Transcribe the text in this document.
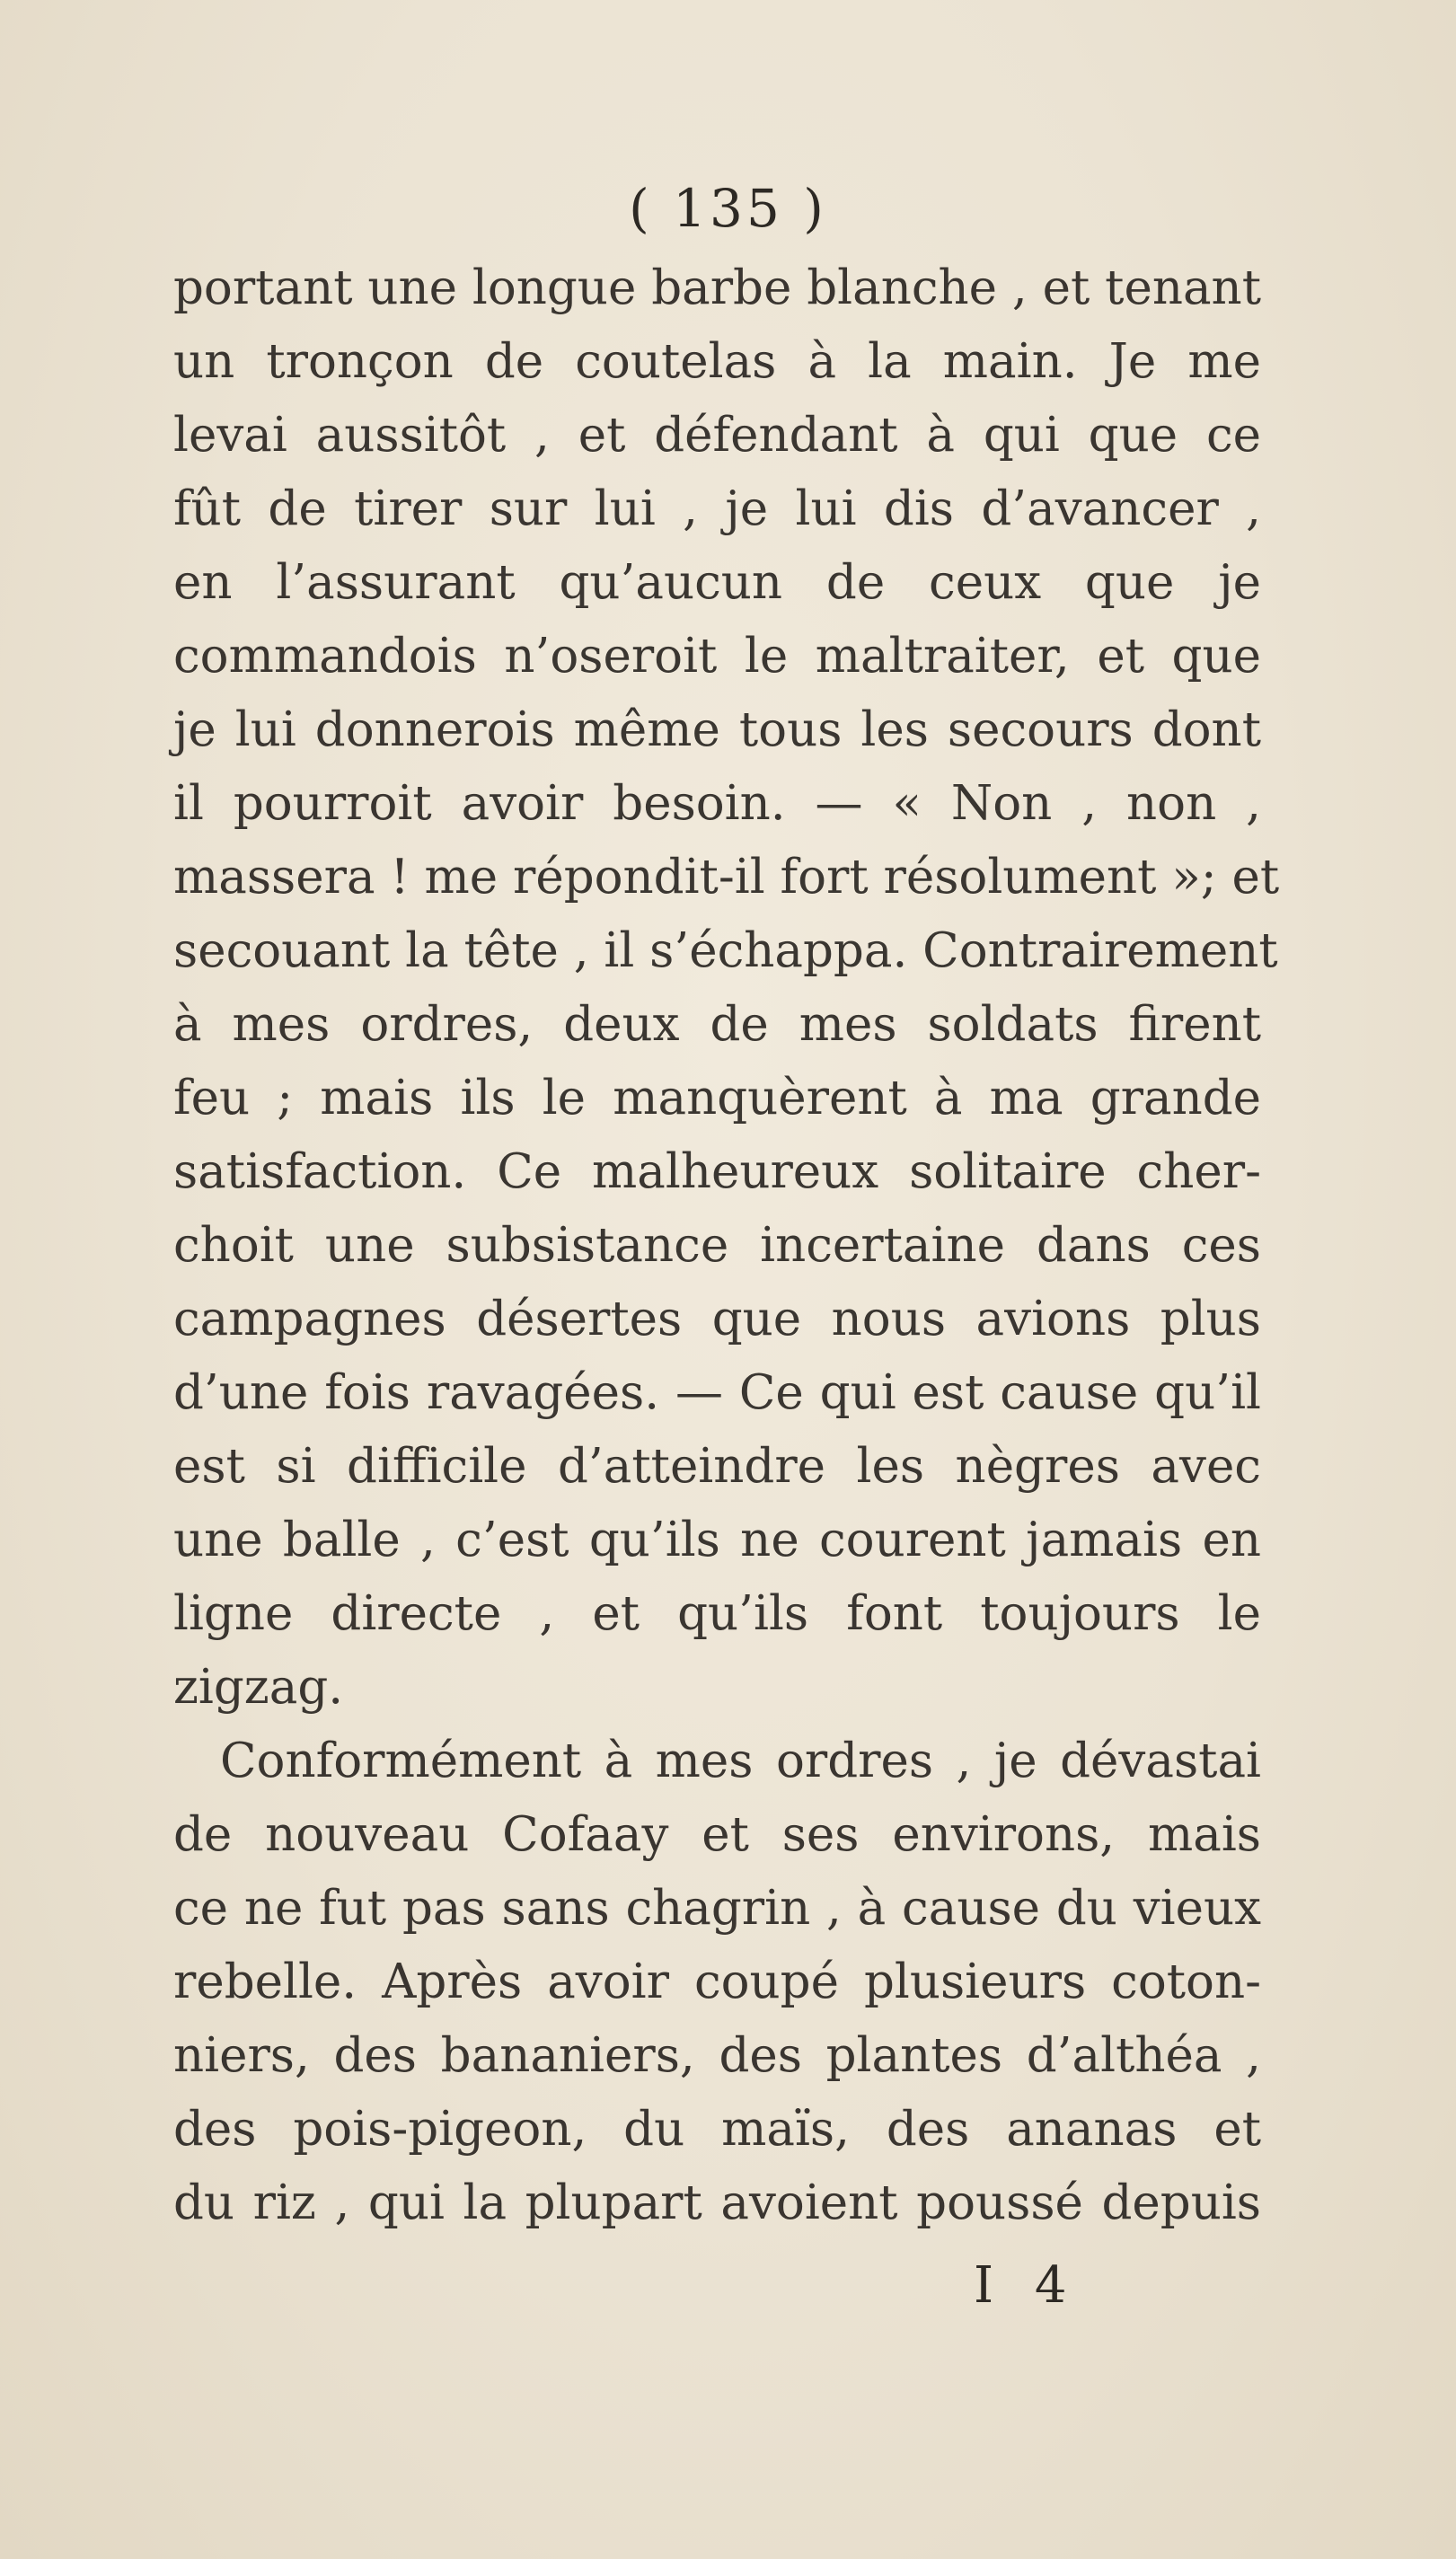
( 135 )
portant une longue barbe blanche , et tenant
un tronçon de coutelas à la main. Je me
levai aussitôt , et défendant à qui que ce
fût de tirer sur lui , je lui dis d’avancer ,
en l’assurant qu’aucun de ceux que je
commandois n’oseroit le maltraiter, et que
je lui donnerois même tous les secours dont
il pourroit avoir besoin. — « Non , non ,
massera ! me répondit-il fort résolument »; et
secouant la tête , il s’échappa. Contrairement
à mes ordres, deux de mes soldats firent
feu ; mais ils le manquèrent à ma grande
satisfaction. Ce malheureux solitaire cher-
choit une subsistance incertaine dans ces
campagnes désertes que nous avions plus
d’une fois ravagées. — Ce qui est cause qu’il
est si difficile d’atteindre les nègres avec
une balle , c’est qu’ils ne courent jamais en
ligne directe , et qu’ils font toujours le
zigzag.
Conformément à mes ordres , je dévastai
de nouveau Cofaay et ses environs, mais
ce ne fut pas sans chagrin , à cause du vieux
rebelle. Après avoir coupé plusieurs coton-
niers, des bananiers, des plantes d’althéa ,
des pois-pigeon, du maïs, des ananas et
du riz , qui la plupart avoient poussé depuis
I 4
